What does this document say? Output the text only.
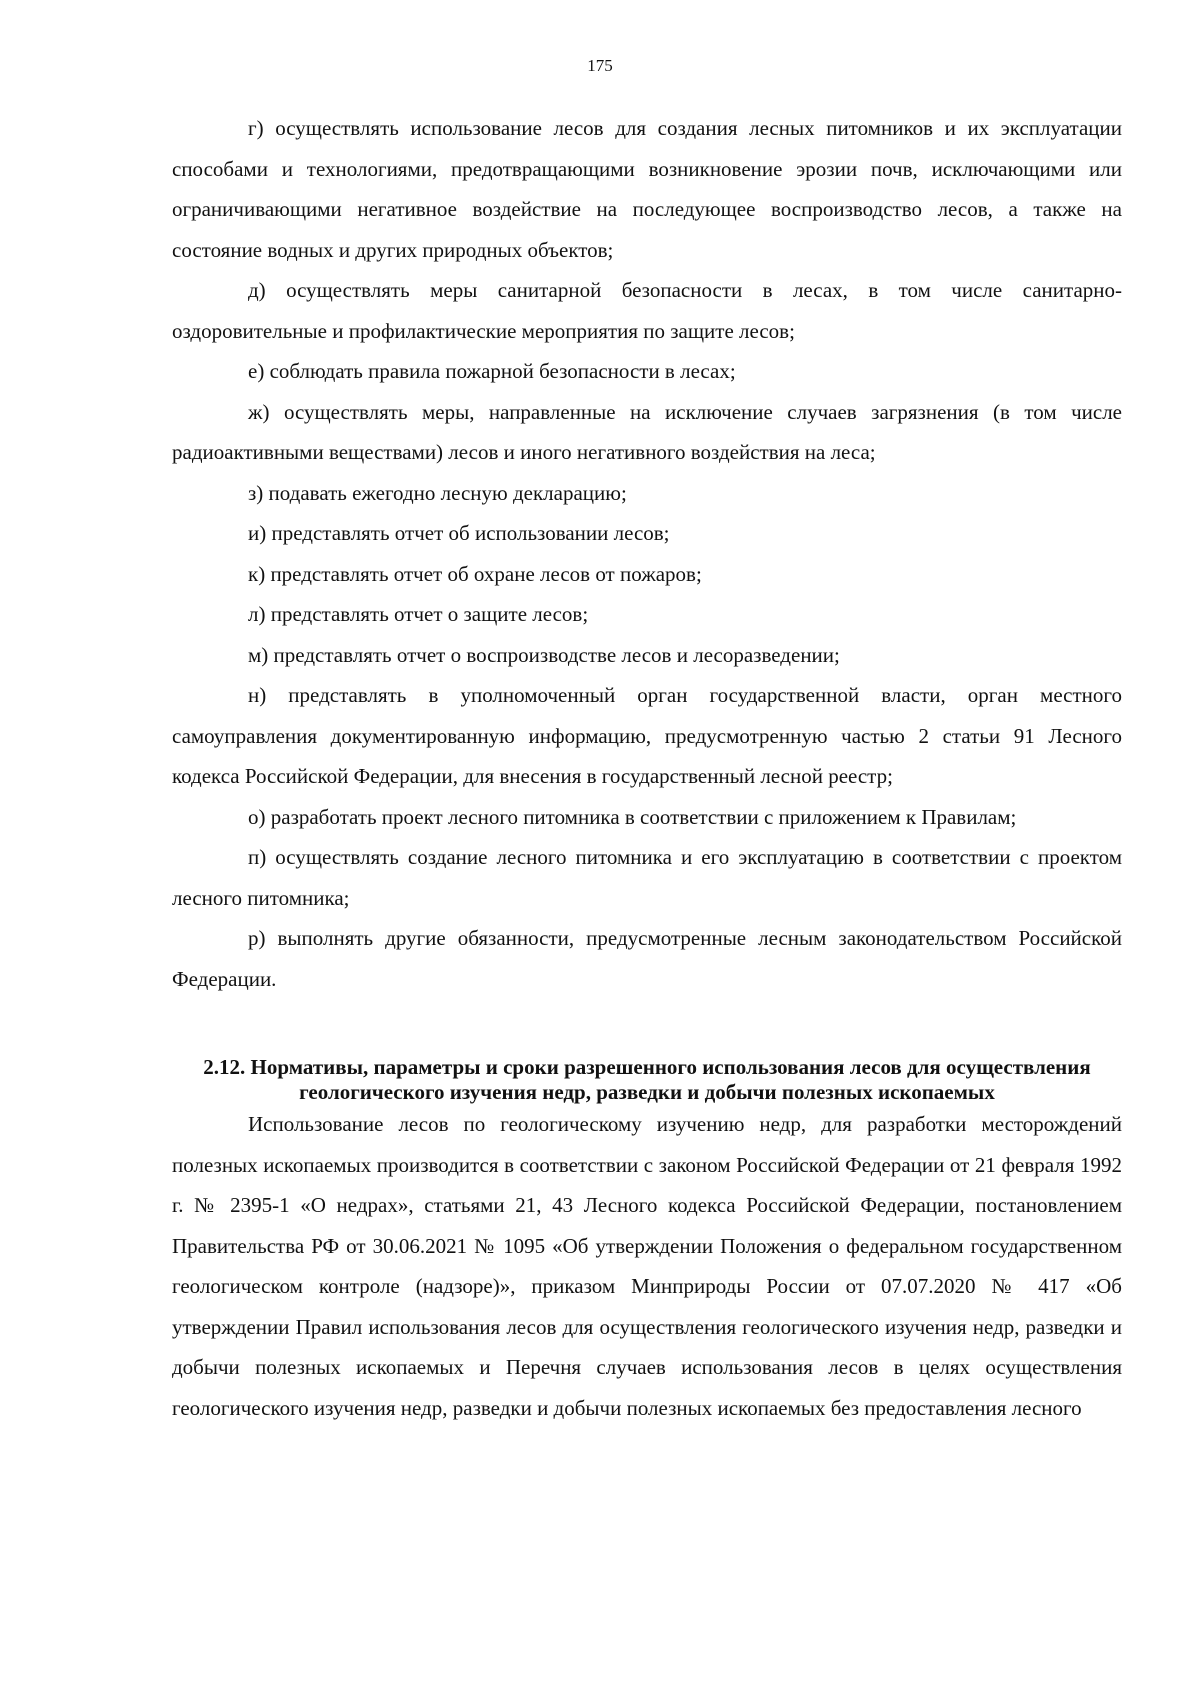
175

г) осуществлять использование лесов для создания лесных питомников и их эксплуатации способами и технологиями, предотвращающими возникновение эрозии почв, исключающими или ограничивающими негативное воздействие на последующее воспроизводство лесов, а также на состояние водных и других природных объектов;

д) осуществлять меры санитарной безопасности в лесах, в том числе санитарно-оздоровительные и профилактические мероприятия по защите лесов;

е) соблюдать правила пожарной безопасности в лесах;

ж) осуществлять меры, направленные на исключение случаев загрязнения (в том числе радиоактивными веществами) лесов и иного негативного воздействия на леса;

з) подавать ежегодно лесную декларацию;

и) представлять отчет об использовании лесов;

к) представлять отчет об охране лесов от пожаров;

л) представлять отчет о защите лесов;

м) представлять отчет о воспроизводстве лесов и лесоразведении;

н) представлять в уполномоченный орган государственной власти, орган местного самоуправления документированную информацию, предусмотренную частью 2 статьи 91 Лесного кодекса Российской Федерации, для внесения в государственный лесной реестр;

о) разработать проект лесного питомника в соответствии с приложением к Правилам;

п) осуществлять создание лесного питомника и его эксплуатацию в соответствии с проектом лесного питомника;

р) выполнять другие обязанности, предусмотренные лесным законодательством Российской Федерации.

2.12. Нормативы, параметры и сроки разрешенного использования лесов для осуществления геологического изучения недр, разведки и добычи полезных ископаемых

Использование лесов по геологическому изучению недр, для разработки месторождений полезных ископаемых производится в соответствии с законом Российской Федерации от 21 февраля 1992 г. № 2395-1 «О недрах», статьями 21, 43 Лесного кодекса Российской Федерации, постановлением Правительства РФ от 30.06.2021 № 1095 «Об утверждении Положения о федеральном государственном геологическом контроле (надзоре)», приказом Минприроды России от 07.07.2020 № 417 «Об утверждении Правил использования лесов для осуществления геологического изучения недр, разведки и добычи полезных ископаемых и Перечня случаев использования лесов в целях осуществления геологического изучения недр, разведки и добычи полезных ископаемых без предоставления лесного
